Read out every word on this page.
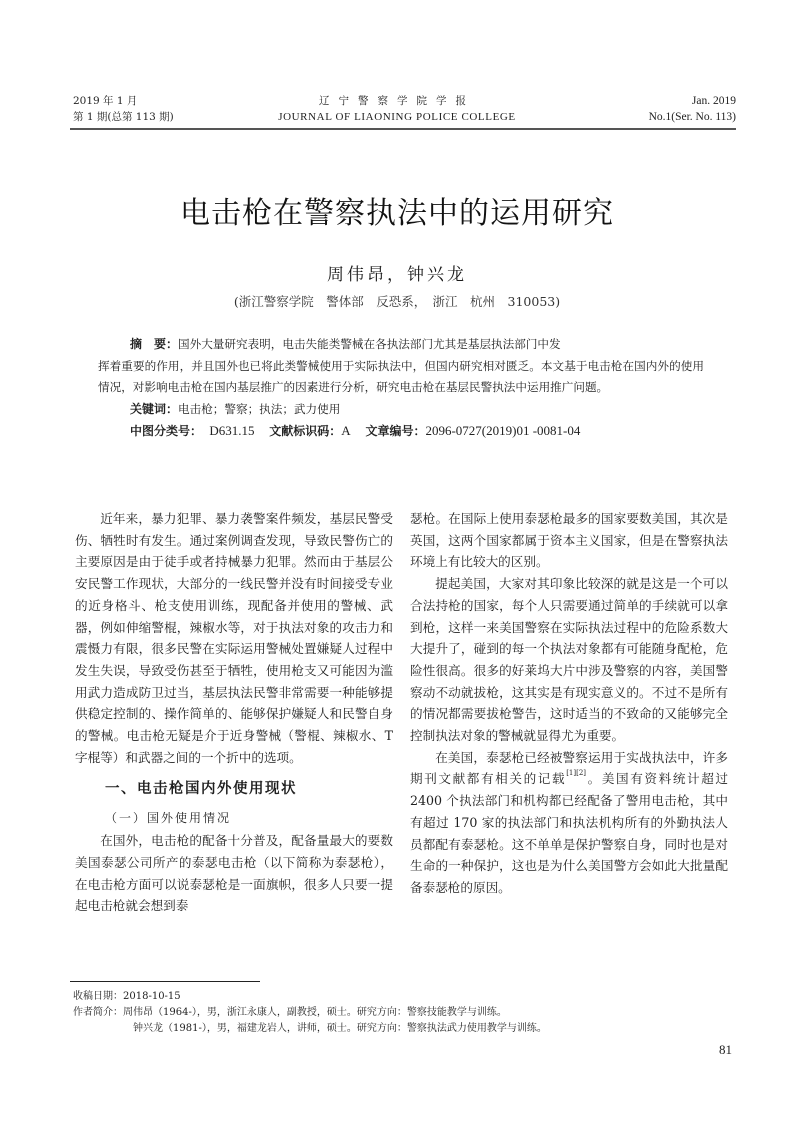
2019 年 1 月
第 1 期(总第 113 期)
辽宁警察学院学报
JOURNAL OF LIAONING POLICE COLLEGE
Jan. 2019
No.1(Ser. No. 113)
电击枪在警察执法中的运用研究
周伟昂，钟兴龙
(浙江警察学院　警体部　反恐系，　浙江　杭州　310053)
摘　要：国外大量研究表明，电击失能类警械在各执法部门尤其是基层执法部门中发
挥着重要的作用，并且国外也已将此类警械使用于实际执法中，但国内研究相对匮乏。本文基于电击枪在国内外的使用情况，对影响电击枪在国内基层推广的因素进行分析，研究电击枪在基层民警执法中运用推广问题。
关键词：电击枪；警察；执法；武力使用
中图分类号： D631.15 文献标识码：A 文章编号：2096-0727(2019)01 -0081-04

近年来，暴力犯罪、暴力袭警案件频发，基层民警受伤、牺牲时有发生。通过案例调查发现，导致民警伤亡的主要原因是由于徒手或者持械暴力犯罪。然而由于基层公安民警工作现状，大部分的一线民警并没有时间接受专业的近身格斗、枪支使用训练，现配备并使用的警械、武器，例如伸缩警棍，辣椒水等，对于执法对象的攻击力和震慑力有限，很多民警在实际运用警械处置嫌疑人过程中发生失误，导致受伤甚至于牺牲，使用枪支又可能因为滥用武力造成防卫过当，基层执法民警非常需要一种能够提供稳定控制的、操作简单的、能够保护嫌疑人和民警自身的警械。电击枪无疑是介于近身警械（警棍、辣椒水、T 字棍等）和武器之间的一个折中的选项。

一、电击枪国内外使用现状

（一）国外使用情况

在国外，电击枪的配备十分普及，配备量最大的要数美国泰瑟公司所产的泰瑟电击枪（以下简称为泰瑟枪），在电击枪方面可以说泰瑟枪是一面旗帜，很多人只要一提起电击枪就会想到泰

瑟枪。在国际上使用泰瑟枪最多的国家要数美国，其次是英国，这两个国家都属于资本主义国家，但是在警察执法环境上有比较大的区别。

提起美国，大家对其印象比较深的就是这是一个可以合法持枪的国家，每个人只需要通过简单的手续就可以拿到枪，这样一来美国警察在实际执法过程中的危险系数大大提升了，碰到的每一个执法对象都有可能随身配枪，危险性很高。很多的好莱坞大片中涉及警察的内容，美国警察动不动就拔枪，这其实是有现实意义的。不过不是所有的情况都需要拔枪警告，这时适当的不致命的又能够完全控制执法对象的警械就显得尤为重要。

在美国，泰瑟枪已经被警察运用于实战执法中，许多期刊文献都有相关的记载[1][2]。美国有资料统计超过 2400 个执法部门和机构都已经配备了警用电击枪，其中有超过 170 家的执法部门和执法机构所有的外勤执法人员都配有泰瑟枪。这不单单是保护警察自身，同时也是对生命的一种保护，这也是为什么美国警方会如此大批量配备泰瑟枪的原因。

收稿日期：2018-10-15
作者简介：周伟昂（1964-），男，浙江永康人，副教授，硕士。研究方向：警察技能教学与训练。
钟兴龙（1981-），男，福建龙岩人，讲师，硕士。研究方向：警察执法武力使用教学与训练。
81
